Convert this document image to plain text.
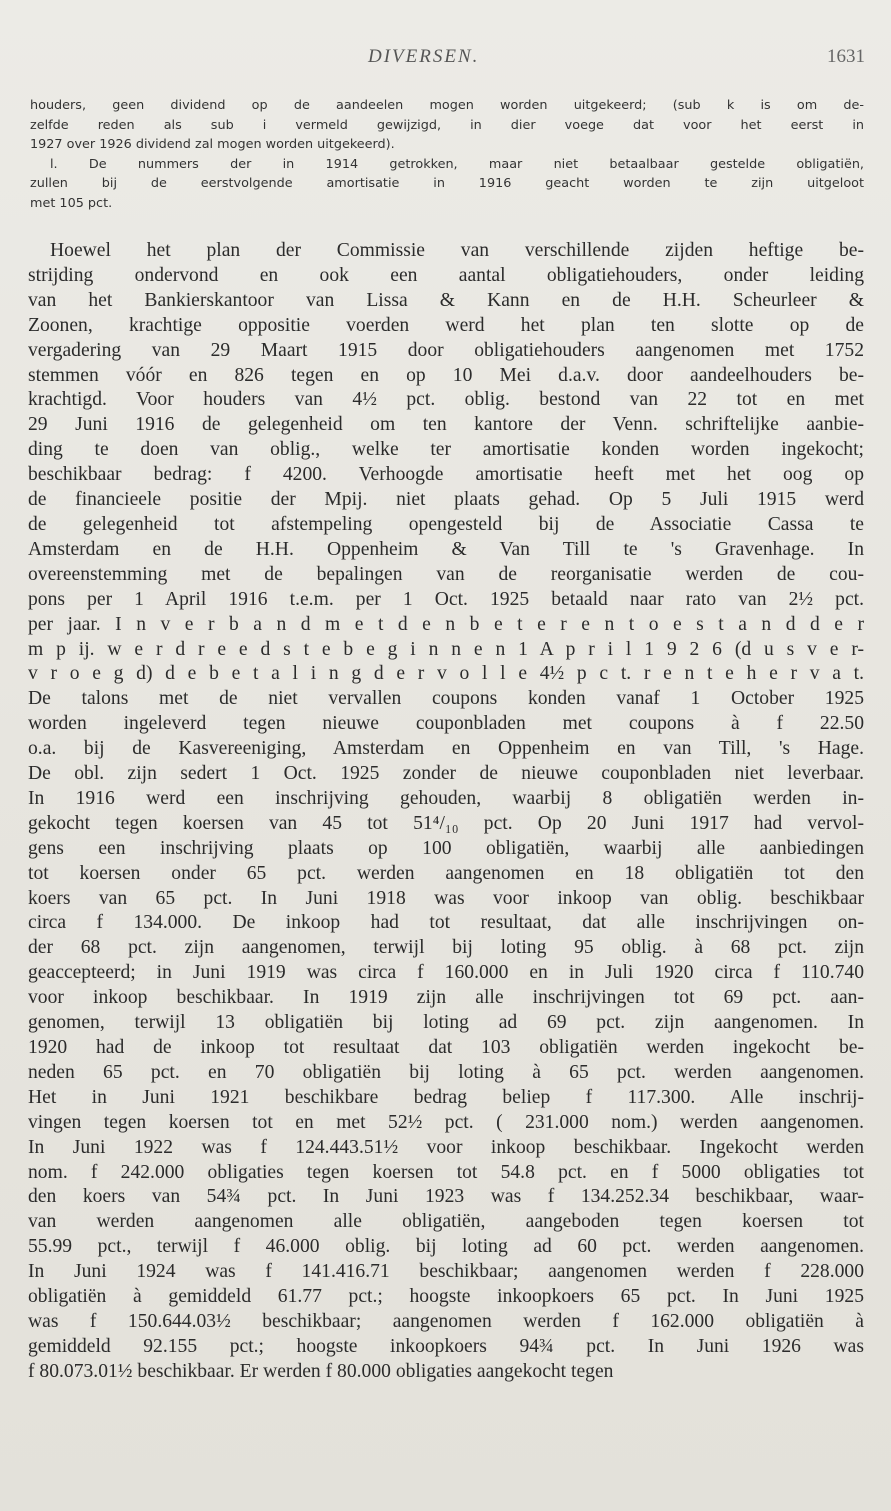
DIVERSEN.	1631
houders, geen dividend op de aandeelen mogen worden uitgekeerd; (sub k is om de-
zelfde reden als sub i vermeld gewijzigd, in dier voege dat voor het eerst in
1927 over 1926 dividend zal mogen worden uitgekeerd).
l. De nummers der in 1914 getrokken, maar niet betaalbaar gestelde obligatiën,
zullen bij de eerstvolgende amortisatie in 1916 geacht worden te zijn uitgeloot
met 105 pct.
Hoewel het plan der Commissie van verschillende zijden heftige be-
strijding ondervond en ook een aantal obligatiehouders, onder leiding
van het Bankierskantoor van Lissa & Kann en de H.H. Scheurleer &
Zoonen, krachtige oppositie voerden werd het plan ten slotte op de
vergadering van 29 Maart 1915 door obligatiehouders aangenomen met 1752
stemmen vóór en 826 tegen en op 10 Mei d.a.v. door aandeelhouders be-
krachtigd. Voor houders van 4½ pct. oblig. bestond van 22 tot en met
29 Juni 1916 de gelegenheid om ten kantore der Venn. schriftelijke aanbie-
ding te doen van oblig., welke ter amortisatie konden worden ingekocht;
beschikbaar bedrag: f 4200. Verhoogde amortisatie heeft met het oog op
de financieele positie der Mpij. niet plaats gehad. Op 5 Juli 1915 werd
de gelegenheid tot afstempeling opengesteld bij de Associatie Cassa te
Amsterdam en de H.H. Oppenheim & Van Till te 's Gravenhage. In
overeenstemming met de bepalingen van de reorganisatie werden de cou-
pons per 1 April 1916 t.e.m. per 1 Oct. 1925 betaald naar rato van 2½ pct.
per jaar. I n v e r b a n d m e t d e n b e t e r e n t o e s t a n d d e r
m p ij. w e r d r e e d s t e b e g i n n e n 1 A p r i l 1 9 2 6 (d u s v e r-
v r o e g d) d e b e t a l i n g d e r v o l l e 4½ p c t. r e n t e h e r v a t.
De talons met de niet vervallen coupons konden vanaf 1 October 1925
worden ingeleverd tegen nieuwe couponbladen met coupons à f 22.50
o.a. bij de Kasvereeniging, Amsterdam en Oppenheim en van Till, 's Hage.
De obl. zijn sedert 1 Oct. 1925 zonder de nieuwe couponbladen niet leverbaar.
In 1916 werd een inschrijving gehouden, waarbij 8 obligatiën werden in-
gekocht tegen koersen van 45 tot 51⁴/₁₀ pct. Op 20 Juni 1917 had vervol-
gens een inschrijving plaats op 100 obligatiën, waarbij alle aanbiedingen
tot koersen onder 65 pct. werden aangenomen en 18 obligatiën tot den
koers van 65 pct. In Juni 1918 was voor inkoop van oblig. beschikbaar
circa f 134.000. De inkoop had tot resultaat, dat alle inschrijvingen on-
der 68 pct. zijn aangenomen, terwijl bij loting 95 oblig. à 68 pct. zijn
geaccepteerd; in Juni 1919 was circa f 160.000 en in Juli 1920 circa f 110.740
voor inkoop beschikbaar. In 1919 zijn alle inschrijvingen tot 69 pct. aan-
genomen, terwijl 13 obligatiën bij loting ad 69 pct. zijn aangenomen. In
1920 had de inkoop tot resultaat dat 103 obligatiën werden ingekocht be-
neden 65 pct. en 70 obligatiën bij loting à 65 pct. werden aangenomen.
Het in Juni 1921 beschikbare bedrag beliep f 117.300. Alle inschrij-
vingen tegen koersen tot en met 52½ pct. ( 231.000 nom.) werden aangenomen.
In Juni 1922 was f 124.443.51½ voor inkoop beschikbaar. Ingekocht werden
nom. f 242.000 obligaties tegen koersen tot 54.8 pct. en f 5000 obligaties tot
den koers van 54¾ pct. In Juni 1923 was f 134.252.34 beschikbaar, waar-
van werden aangenomen alle obligatiën, aangeboden tegen koersen tot
55.99 pct., terwijl f 46.000 oblig. bij loting ad 60 pct. werden aangenomen.
In Juni 1924 was f 141.416.71 beschikbaar; aangenomen werden f 228.000
obligatiën à gemiddeld 61.77 pct.; hoogste inkoopkoers 65 pct. In Juni 1925
was f 150.644.03½ beschikbaar; aangenomen werden f 162.000 obligatiën à
gemiddeld 92.155 pct.; hoogste inkoopkoers 94¾ pct. In Juni 1926 was
f 80.073.01½ beschikbaar. Er werden f 80.000 obligaties aangekocht tegen
